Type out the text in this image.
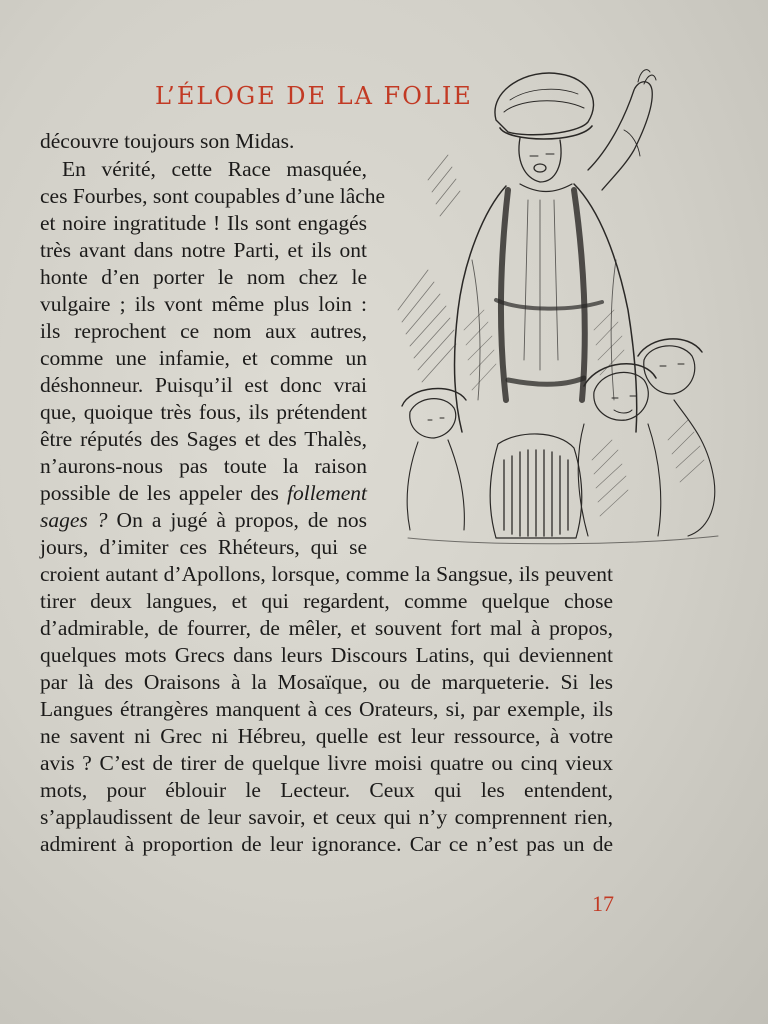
L’ÉLOGE DE LA FOLIE
découvre toujours son Midas.
En vérité, cette Race masquée,
ces Fourbes, sont coupables d’une lâche
et noire ingratitude ! Ils sont engagés
très avant dans notre Parti, et ils ont
honte d’en porter le nom chez le
vulgaire ; ils vont même plus loin :
ils reprochent ce nom aux autres,
comme une infamie, et comme un
déshonneur. Puisqu’il est donc vrai
que, quoique très fous, ils prétendent
être réputés des Sages et des Thalès,
n’aurons-nous pas toute la raison
possible de les appeler des follement
sages ? On a jugé à propos, de nos
jours, d’imiter ces Rhéteurs, qui se
croient autant d’Apollons, lorsque, comme la Sangsue, ils peuvent
tirer deux langues, et qui regardent, comme quelque chose
d’admirable, de fourrer, de mêler, et souvent fort mal à propos,
quelques mots Grecs dans leurs Discours Latins, qui deviennent
par là des Oraisons à la Mosaïque, ou de marqueterie. Si les
Langues étrangères manquent à ces Orateurs, si, par exemple, ils
ne savent ni Grec ni Hébreu, quelle est leur ressource, à votre
avis ? C’est de tirer de quelque livre moisi quatre ou cinq vieux
mots, pour éblouir le Lecteur. Ceux qui les entendent,
s’applaudissent de leur savoir, et ceux qui n’y comprennent rien,
admirent à proportion de leur ignorance. Car ce n’est pas un de
17
